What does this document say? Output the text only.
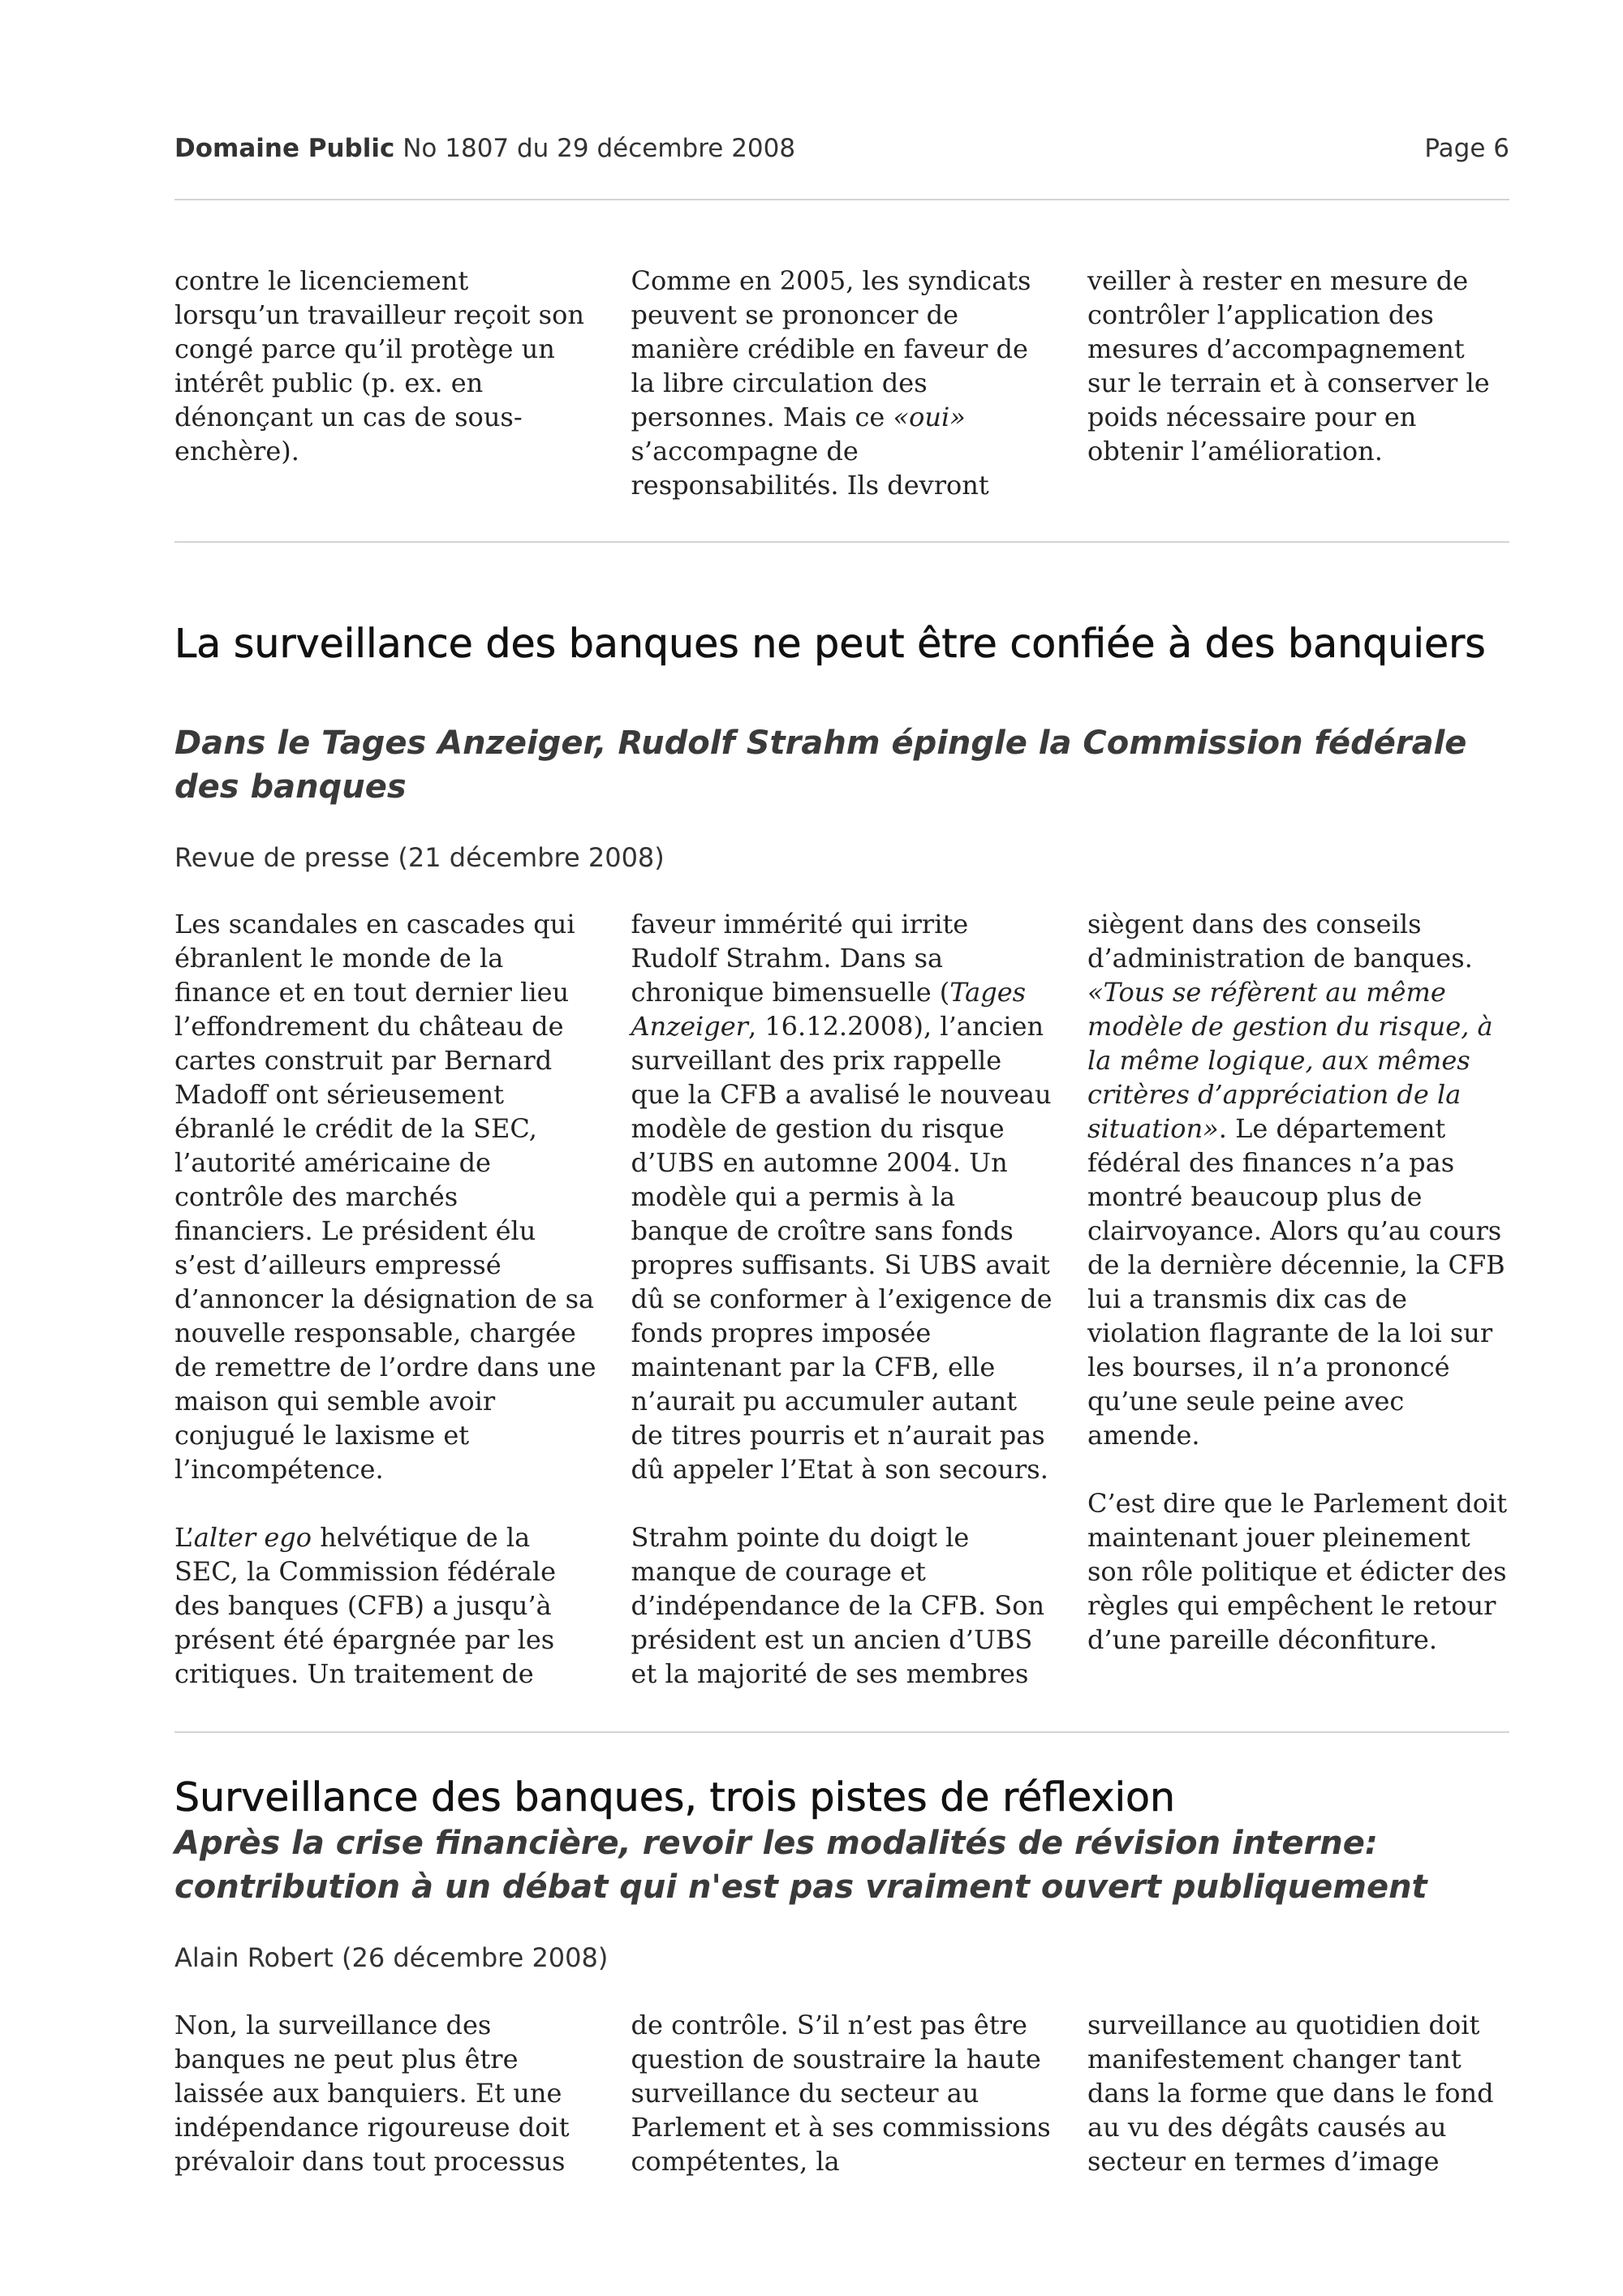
Domaine Public No 1807 du 29 décembre 2008	Page 6

contre le licenciement lorsqu’un travailleur reçoit son congé parce qu’il protège un intérêt public (p. ex. en dénonçant un cas de sous-enchère).

Comme en 2005, les syndicats peuvent se prononcer de manière crédible en faveur de la libre circulation des personnes. Mais ce «oui» s’accompagne de responsabilités. Ils devront

veiller à rester en mesure de contrôler l’application des mesures d’accompagnement sur le terrain et à conserver le poids nécessaire pour en obtenir l’amélioration.

La surveillance des banques ne peut être confiée à des banquiers
Dans le Tages Anzeiger, Rudolf Strahm épingle la Commission fédérale des banques
Revue de presse (21 décembre 2008)

Les scandales en cascades qui ébranlent le monde de la finance et en tout dernier lieu l’effondrement du château de cartes construit par Bernard Madoff ont sérieusement ébranlé le crédit de la SEC, l’autorité américaine de contrôle des marchés financiers. Le président élu s’est d’ailleurs empressé d’annoncer la désignation de sa nouvelle responsable, chargée de remettre de l’ordre dans une maison qui semble avoir conjugué le laxisme et l’incompétence.

L’alter ego helvétique de la SEC, la Commission fédérale des banques (CFB) a jusqu’à présent été épargnée par les critiques. Un traitement de

faveur immérité qui irrite Rudolf Strahm. Dans sa chronique bimensuelle (Tages Anzeiger, 16.12.2008), l’ancien surveillant des prix rappelle que la CFB a avalisé le nouveau modèle de gestion du risque d’UBS en automne 2004. Un modèle qui a permis à la banque de croître sans fonds propres suffisants. Si UBS avait dû se conformer à l’exigence de fonds propres imposée maintenant par la CFB, elle n’aurait pu accumuler autant de titres pourris et n’aurait pas dû appeler l’Etat à son secours.

Strahm pointe du doigt le manque de courage et d’indépendance de la CFB. Son président est un ancien d’UBS et la majorité de ses membres

siègent dans des conseils d’administration de banques. «Tous se réfèrent au même modèle de gestion du risque, à la même logique, aux mêmes critères d’appréciation de la situation». Le département fédéral des finances n’a pas montré beaucoup plus de clairvoyance. Alors qu’au cours de la dernière décennie, la CFB lui a transmis dix cas de violation flagrante de la loi sur les bourses, il n’a prononcé qu’une seule peine avec amende.

C’est dire que le Parlement doit maintenant jouer pleinement son rôle politique et édicter des règles qui empêchent le retour d’une pareille déconfiture.

Surveillance des banques, trois pistes de réflexion
Après la crise financière, revoir les modalités de révision interne: contribution à un débat qui n'est pas vraiment ouvert publiquement
Alain Robert (26 décembre 2008)

Non, la surveillance des banques ne peut plus être laissée aux banquiers. Et une indépendance rigoureuse doit prévaloir dans tout processus

de contrôle. S’il n’est pas être question de soustraire la haute surveillance du secteur au Parlement et à ses commissions compétentes, la

surveillance au quotidien doit manifestement changer tant dans la forme que dans le fond au vu des dégâts causés au secteur en termes d’image
